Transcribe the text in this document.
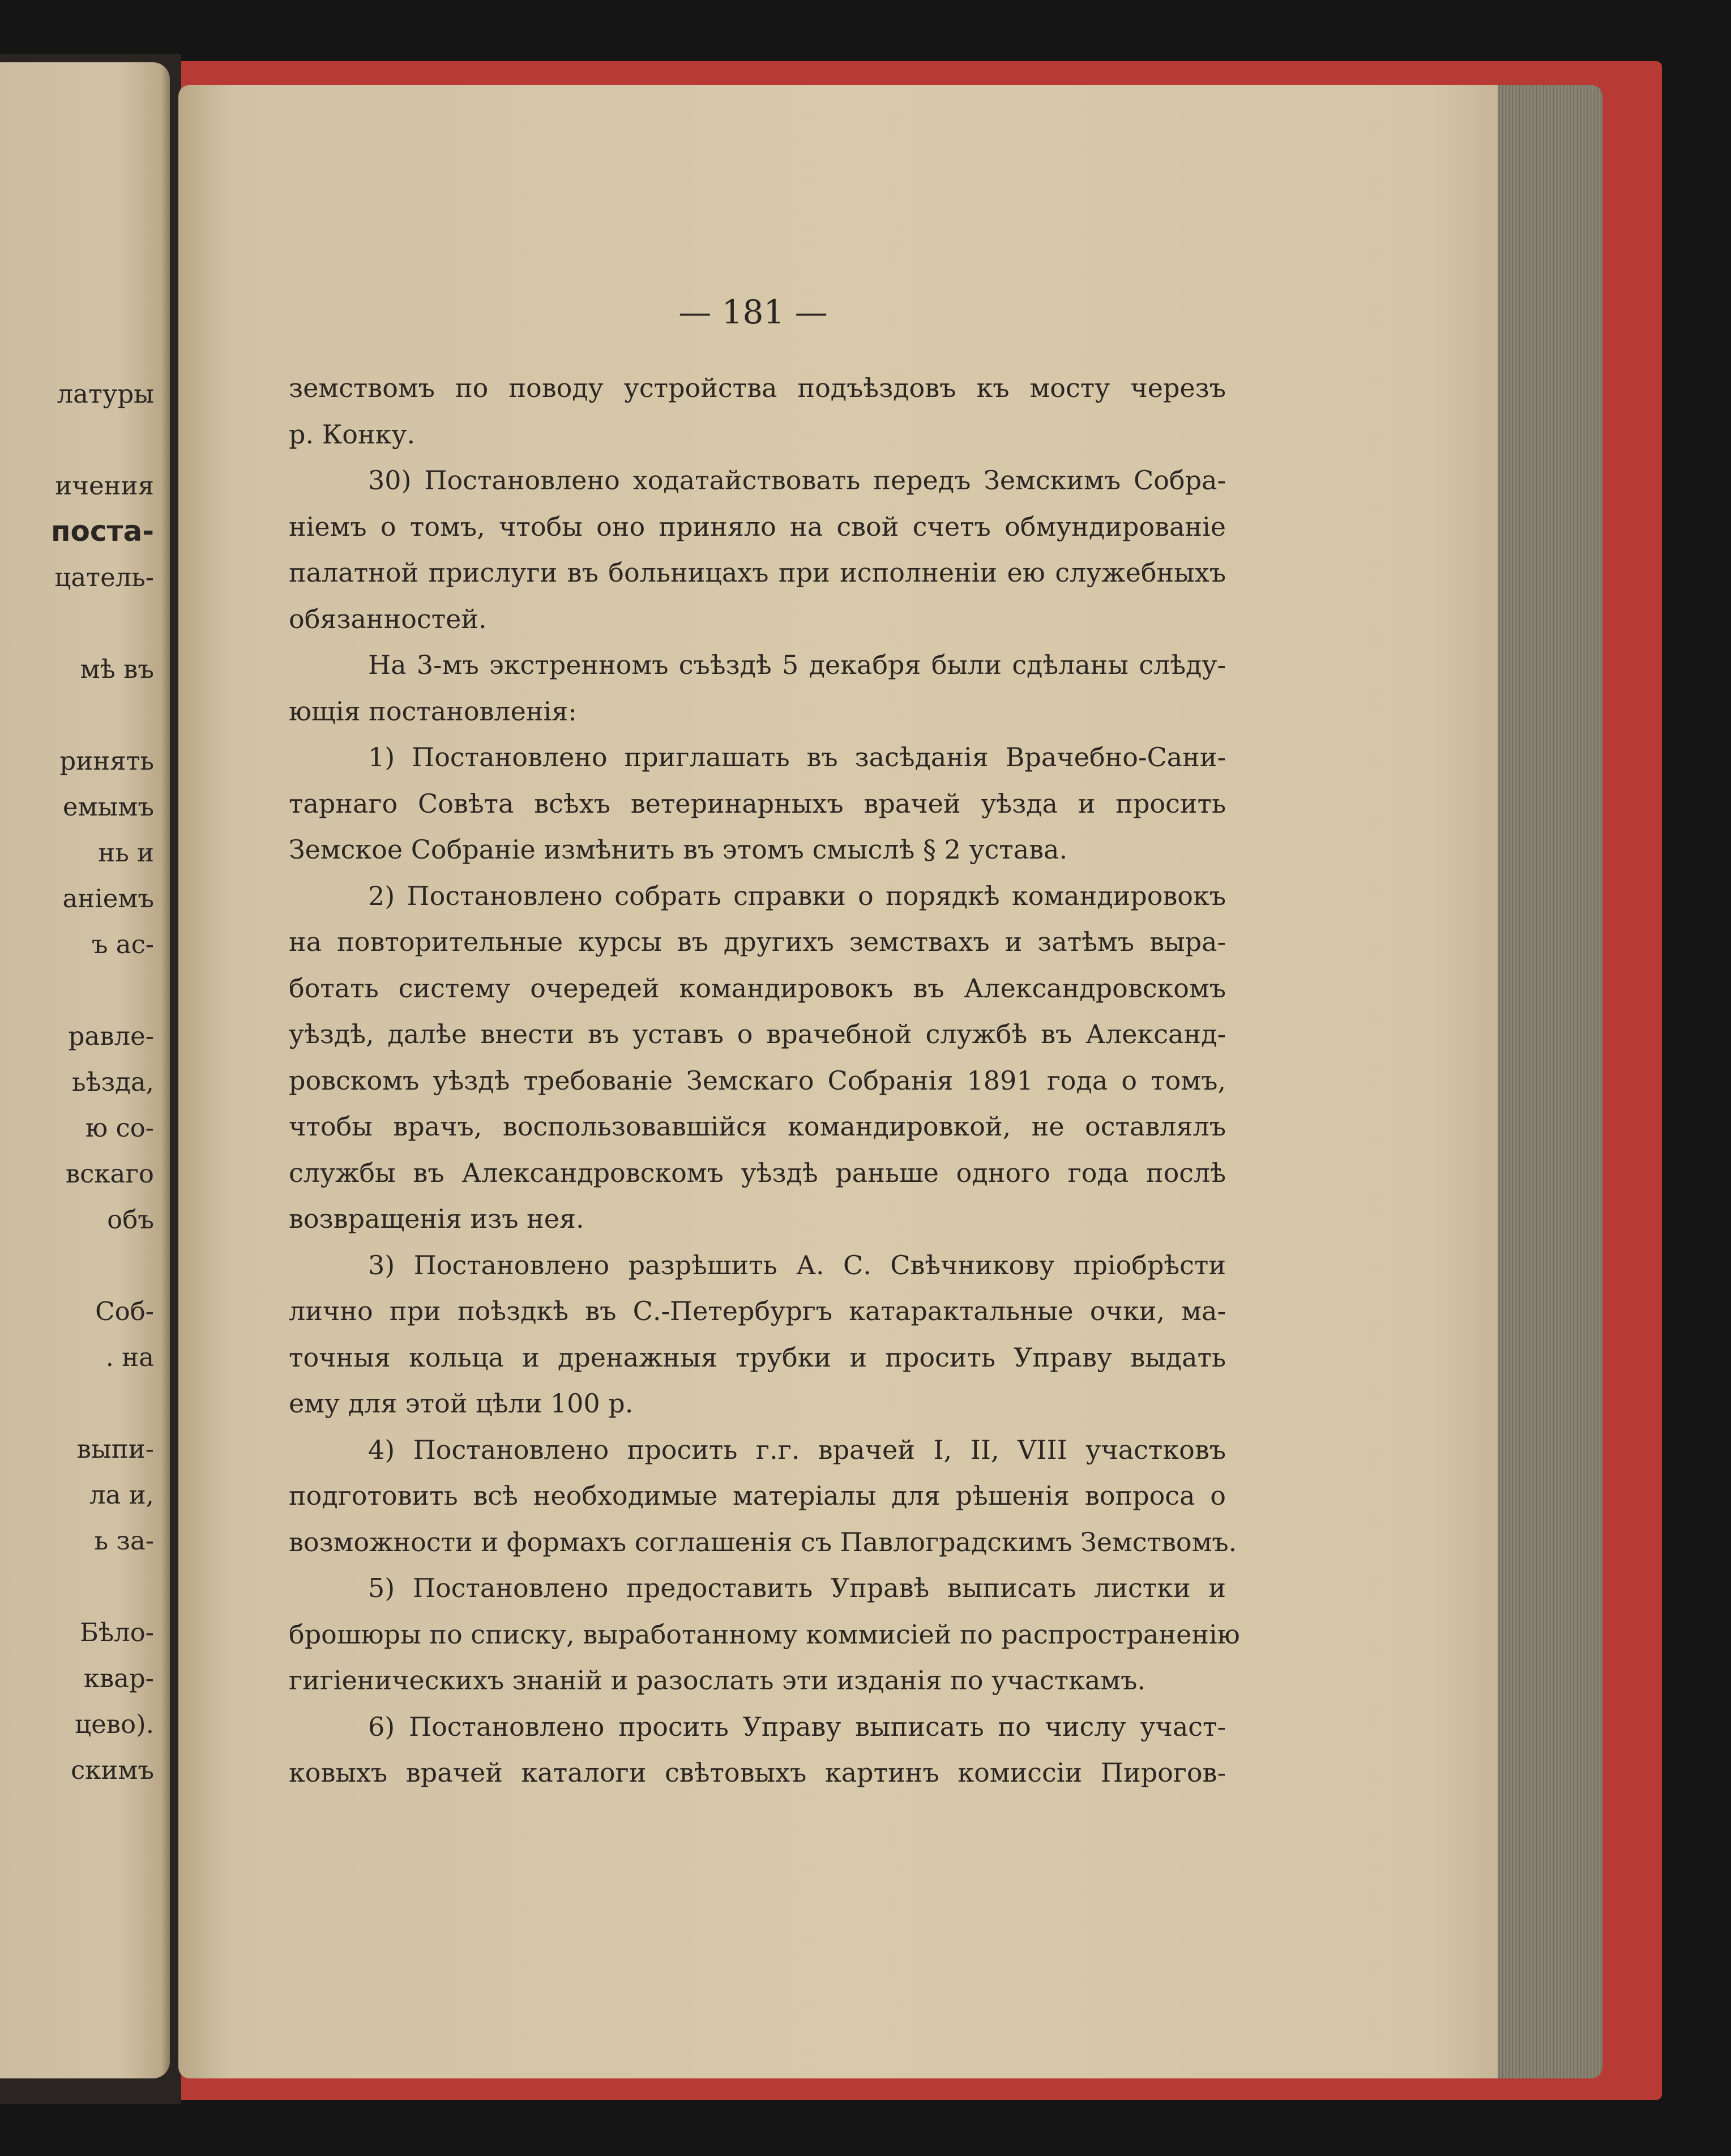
латуры
ичения
поста-
цатель-
мѣ въ
ринять
емымъ
нь и
аніемъ
ъ ас-
равле-
ьѣзда,
ю со-
вскаго
объ
Соб-
. на
выпи-
ла и,
ь за-
Бѣло-
квар-
цево).
скимъ
— 181 —
земствомъ по поводу устройства подъѣздовъ къ мосту черезъ
р. Конку.
30) Постановлено ходатайствовать передъ Земскимъ Собра-
ніемъ о томъ, чтобы оно приняло на свой счетъ обмундированіе
палатной прислуги въ больницахъ при исполненіи ею служебныхъ
обязанностей.
На 3-мъ экстренномъ съѣздѣ 5 декабря были сдѣланы слѣду-
ющія постановленія:
1) Постановлено приглашать въ засѣданія Врачебно-Сани-
тарнаго Совѣта всѣхъ ветеринарныхъ врачей уѣзда и просить
Земское Собраніе измѣнить въ этомъ смыслѣ § 2 устава.
2) Постановлено собрать справки о порядкѣ командировокъ
на повторительные курсы въ другихъ земствахъ и затѣмъ выра-
ботать систему очередей командировокъ въ Александровскомъ
уѣздѣ, далѣе внести въ уставъ о врачебной службѣ въ Александ-
ровскомъ уѣздѣ требованіе Земскаго Собранія 1891 года о томъ,
чтобы врачъ, воспользовавшійся командировкой, не оставлялъ
службы въ Александровскомъ уѣздѣ раньше одного года послѣ
возвращенія изъ нея.
3) Постановлено разрѣшить А. С. Свѣчникову пріобрѣсти
лично при поѣздкѣ въ С.-Петербургъ катарактальные очки, ма-
точныя кольца и дренажныя трубки и просить Управу выдать
ему для этой цѣли 100 р.
4) Постановлено просить г.г. врачей I, II, VIII участковъ
подготовить всѣ необходимые матеріалы для рѣшенія вопроса о
возможности и формахъ соглашенія съ Павлоградскимъ Земствомъ.
5) Постановлено предоставить Управѣ выписать листки и
брошюры по списку, выработанному коммисіей по распространенію
гигіеническихъ знаній и разослать эти изданія по участкамъ.
6) Постановлено просить Управу выписать по числу участ-
ковыхъ врачей каталоги свѣтовыхъ картинъ комиссіи Пирогов-
